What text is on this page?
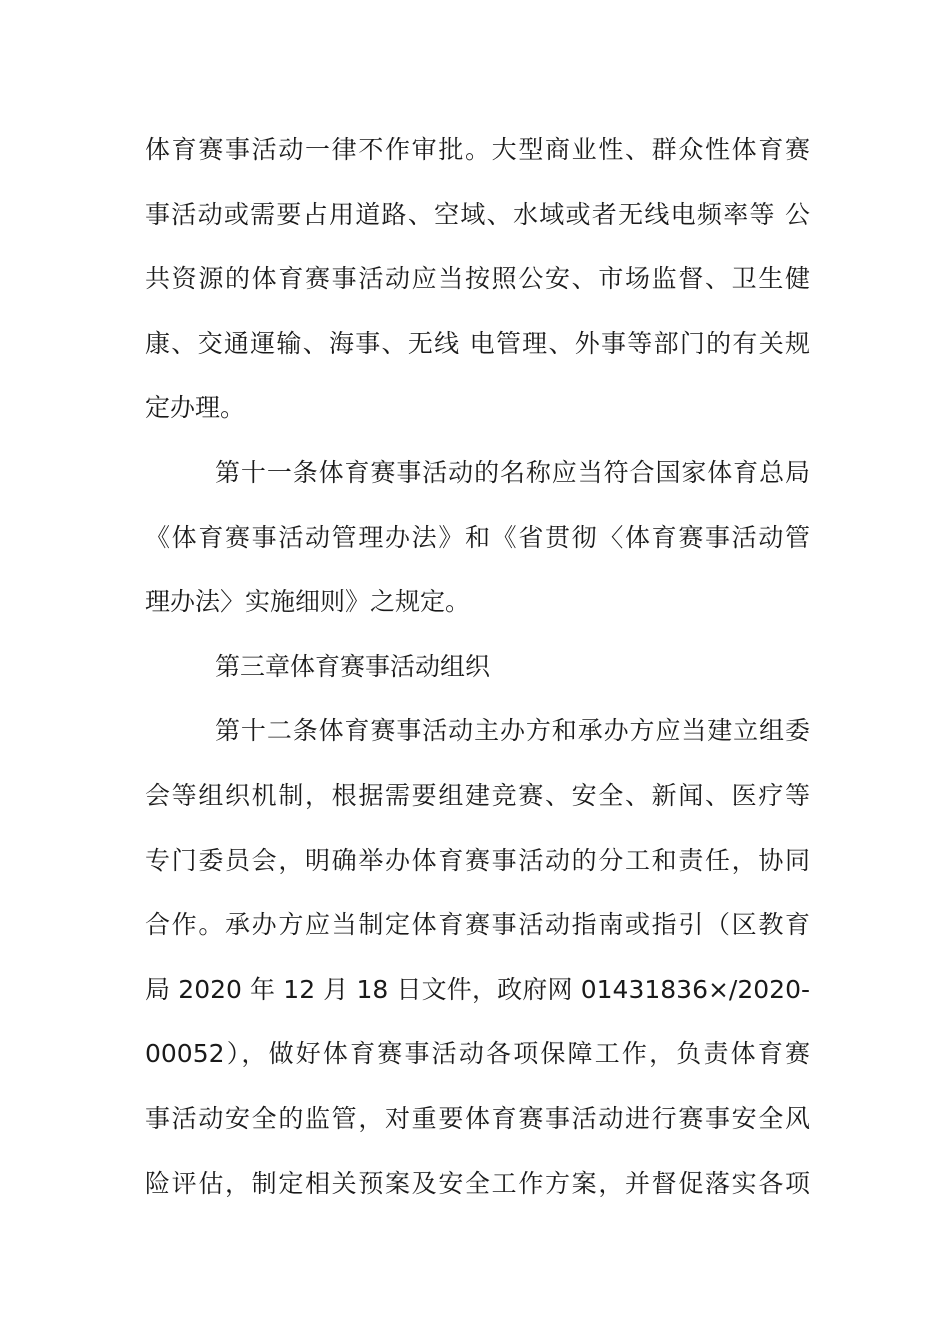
体育赛事活动一律不作审批。大型商业性、群众性体育赛
事活动或需要占用道路、空域、水域或者无线电频率等 公
共资源的体育赛事活动应当按照公安、市场监督、卫生健
康、交通運输、海事、无线 电管理、外事等部门的有关规
定办理。
第十一条体育赛事活动的名称应当符合国家体育总局
《体育赛事活动管理办法》和《省贯彻〈体育赛事活动管
理办法〉实施细则》之规定。
第三章体育赛事活动组织
第十二条体育赛事活动主办方和承办方应当建立组委
会等组织机制，根据需要组建竞赛、安全、新闻、医疗等
专门委员会，明确举办体育赛事活动的分工和责任，协同
合作。承办方应当制定体育赛事活动指南或指引（区教育
局 2020 年 12 月 18 日文件，政府网 01431836×/2020-
00052），做好体育赛事活动各项保障工作，负责体育赛
事活动安全的监管，对重要体育赛事活动进行赛事安全风
险评估，制定相关预案及安全工作方案，并督促落实各项
